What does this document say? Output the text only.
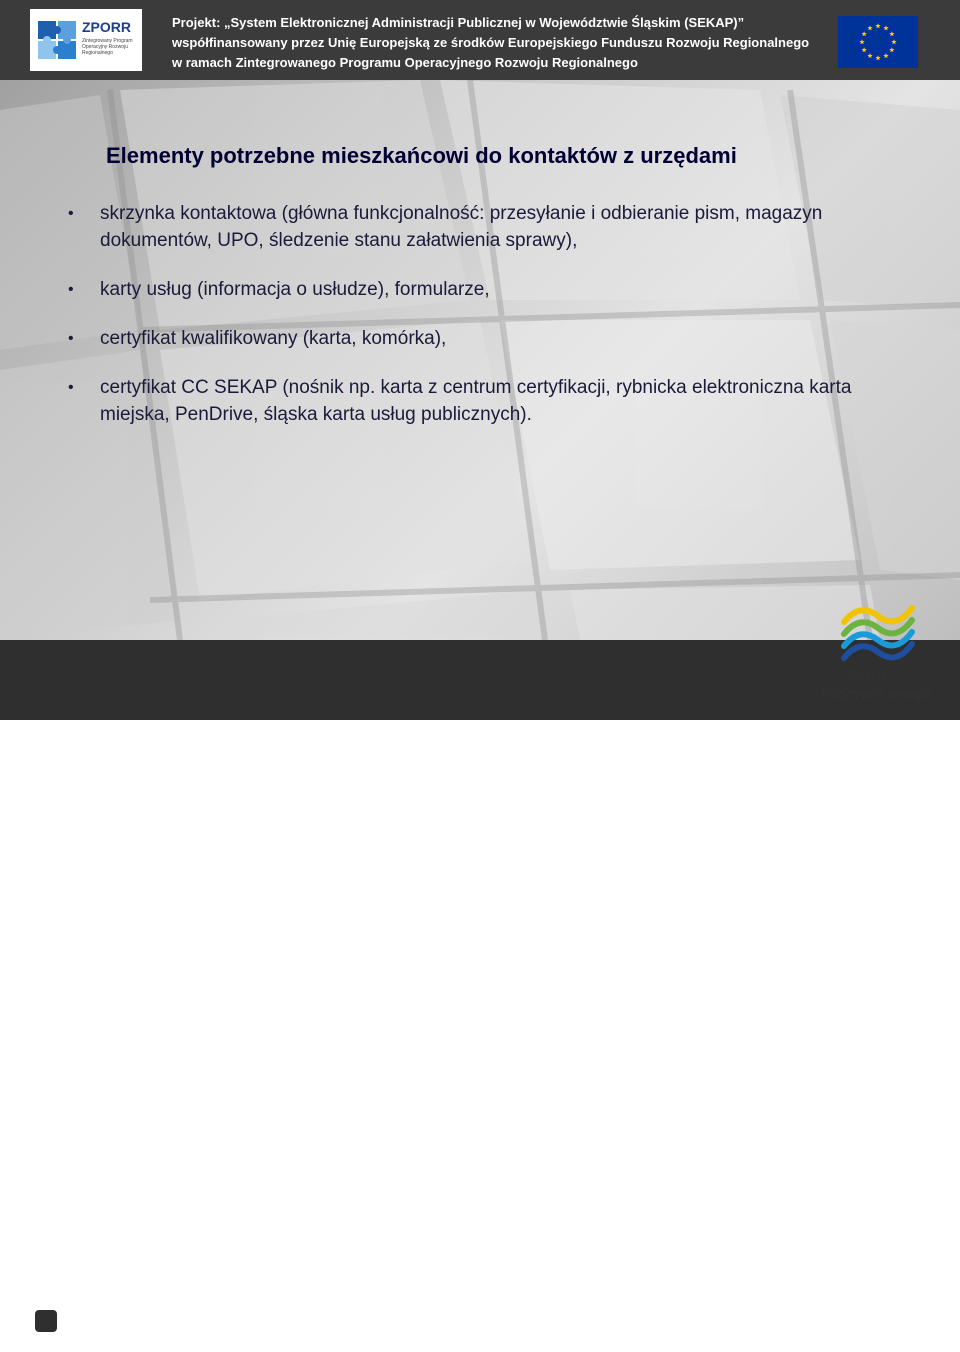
ZPORR
Zintegrowany Program Operacyjny Rozwoju Regionalnego
Projekt: „System Elektronicznej Administracji Publicznej w Województwie Śląskim (SEKAP)”
współfinansowany przez Unię Europejską ze środków Europejskiego Funduszu Rozwoju Regionalnego
w ramach Zintegrowanego Programu Operacyjnego Rozwoju Regionalnego
Elementy potrzebne mieszkańcowi do kontaktów z urzędami
• skrzynka kontaktowa (główna funkcjonalność: przesyłanie i odbieranie pism, magazyn dokumentów, UPO, śledzenie stanu załatwienia sprawy),
• karty usług (informacja o usłudze), formularze,
• certyfikat kwalifikowany (karta, komórka),
• certyfikat CC SEKAP (nośnik np. karta z centrum certyfikacji, rybnicka elektroniczna karta miejska, PenDrive, śląska karta usług publicznych).
ŚCSI
Śląskie Centrum Społeczeństwa Informacyjnego, ul. Henryka Dąbrowskiego 23,
40-032 Katowice, tel.: 032 774 03 18, tel./fax.: 032 774 01 73,
e-mail: scsi@e-slask.pl; www.e-slask.pl.
Śląskie.
Pozytywna energia
